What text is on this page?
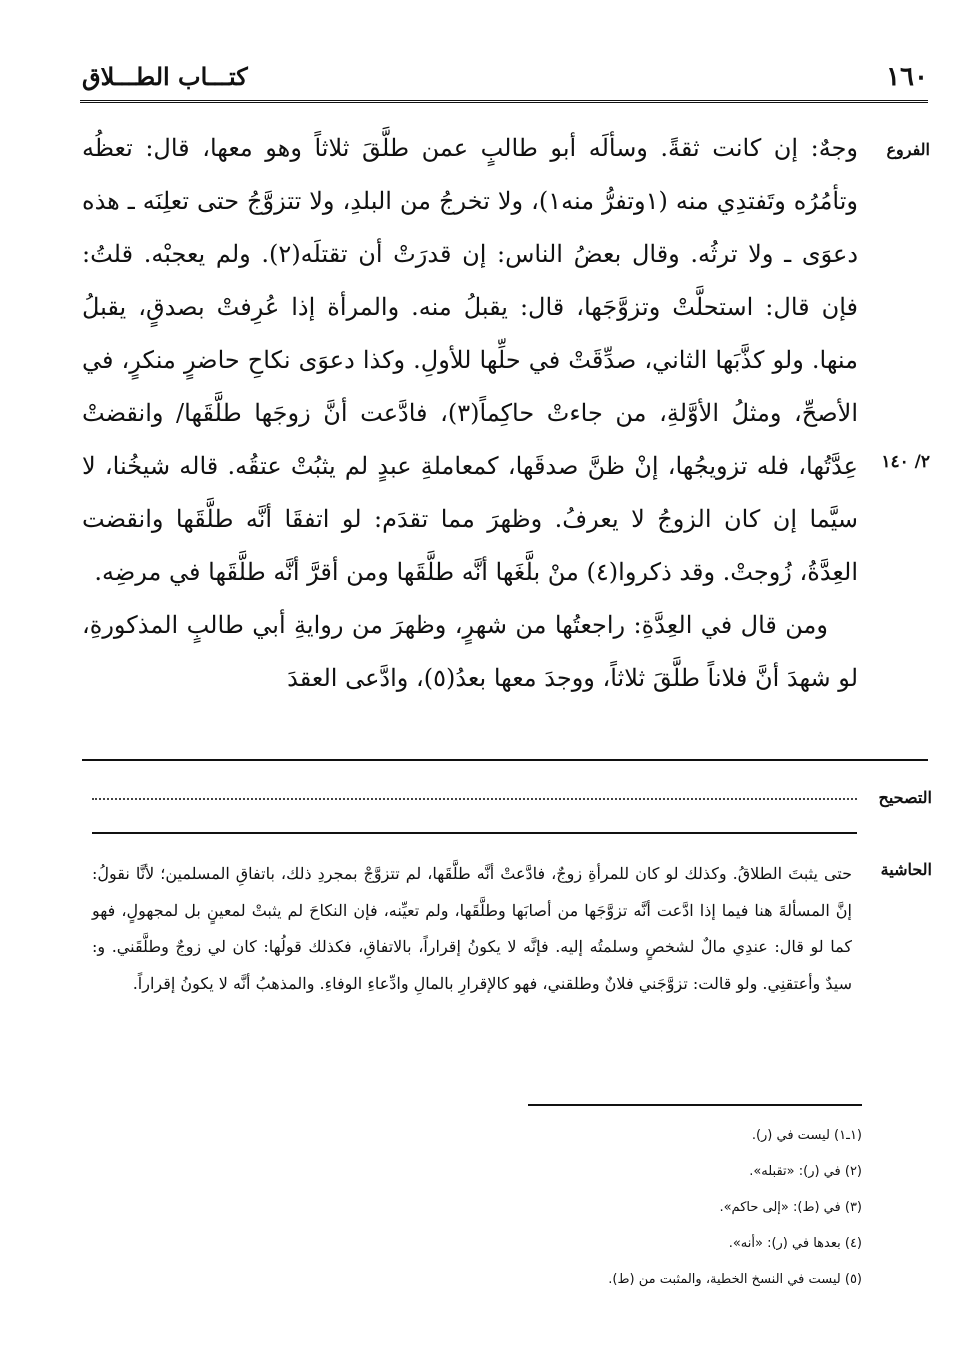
١٦٠
كتـــاب الطـــلاق
الفروع
٢/ ١٤٠

وجهٌ: إن كانت ثقةً. وسألَه أبو طالبٍ عمن طلَّقَ ثلاثاً وهو معها، قال: تعظُه وتأمُرُه وتَفتدِي منه (١وتفرُّ منه١)، ولا تخرجُ من البلدِ، ولا تتزوَّجُ حتى تعلِنَه ـ هذه دعوَى ـ ولا ترثُه. وقال بعضُ الناس: إن قدرَتْ أن تقتلَه(٢). ولم يعجبْه. قلتُ: فإن قال: استحلَّتْ وتزوَّجَها، قال: يقبلُ منه. والمرأة إذا عُرِفتْ بصدقٍ، يقبلُ منها. ولو كذَّبَها الثاني، صدِّقَتْ في حلِّها للأولِ. وكذا دعوَى نكاحِ حاضرٍ منكرٍ، في الأصحِّ، ومثلُ الأوَّلةِ، من جاءتْ حاكِماً(٣)، فادَّعت أنَّ زوجَها طلَّقَها/ وانقضتْ عِدَّتُها، فله تزويجُها، إنْ ظنَّ صدقَها، كمعاملةِ عبدٍ لم يثبُتْ عتقُه. قاله شيخُنا، لا سيَّما إن كان الزوجُ لا يعرفُ. وظهرَ مما تقدَم: لو اتفقَا أنَّه طلَّقَها وانقضت العِدَّةُ، زُوجتْ. وقد ذكروا(٤) منْ بلَّغَها أنَّه طلَّقَها ومن أقرَّ أنَّه طلَّقَها في مرضِه.

ومن قال في العِدَّةِ: راجعتُها من شهرٍ، وظهرَ من روايةِ أبي طالبٍ المذكورةِ، لو شهدَ أنَّ فلاناً طلَّقَ ثلاثاً، ووجدَ معها بعدُ(٥)، وادَّعى العقدَ

التصحيح
الحاشية
حتى يثبتَ الطلاقُ. وكذلك لو كان للمرأةِ زوجٌ، فادَّعتْ أنَّه طلَّقَها، لم تتزوَّجْ بمجردِ ذلك، باتفاقِ المسلمين؛ لأنَّا نقولُ: إنَّ المسألةَ هنا فيما إذا ادَّعت أنَّه تزوَّجَها من أصابَها وطلَّقَها، ولم تعيِّنه، فإن النكاحَ لم يثبتْ لمعينٍ بل لمجهولٍ، فهو كما لو قال: عندِي مالٌ لشخصٍ وسلمتُه إليه. فإنَّه لا يكونُ إقراراً، بالاتفاقِ، فكذلك قولُها: كان لي زوجٌ وطلَّقَني. و: سيدٌ وأعتقنِي. ولو قالت: تزوَّجَني فلانٌ وطلقني، فهو كالإقرارِ بالمالِ وادِّعاءِ الوفاءِ. والمذهبُ أنَّه لا يكونُ إقراراً.
(١ـ١) ليست في (ر).
(٢) في (ر): «تقبله».
(٣) في (ط): «إلى حاكم».
(٤) بعدها في (ر): «أنه».
(٥) ليست في النسخ الخطية، والمثبت من (ط).
